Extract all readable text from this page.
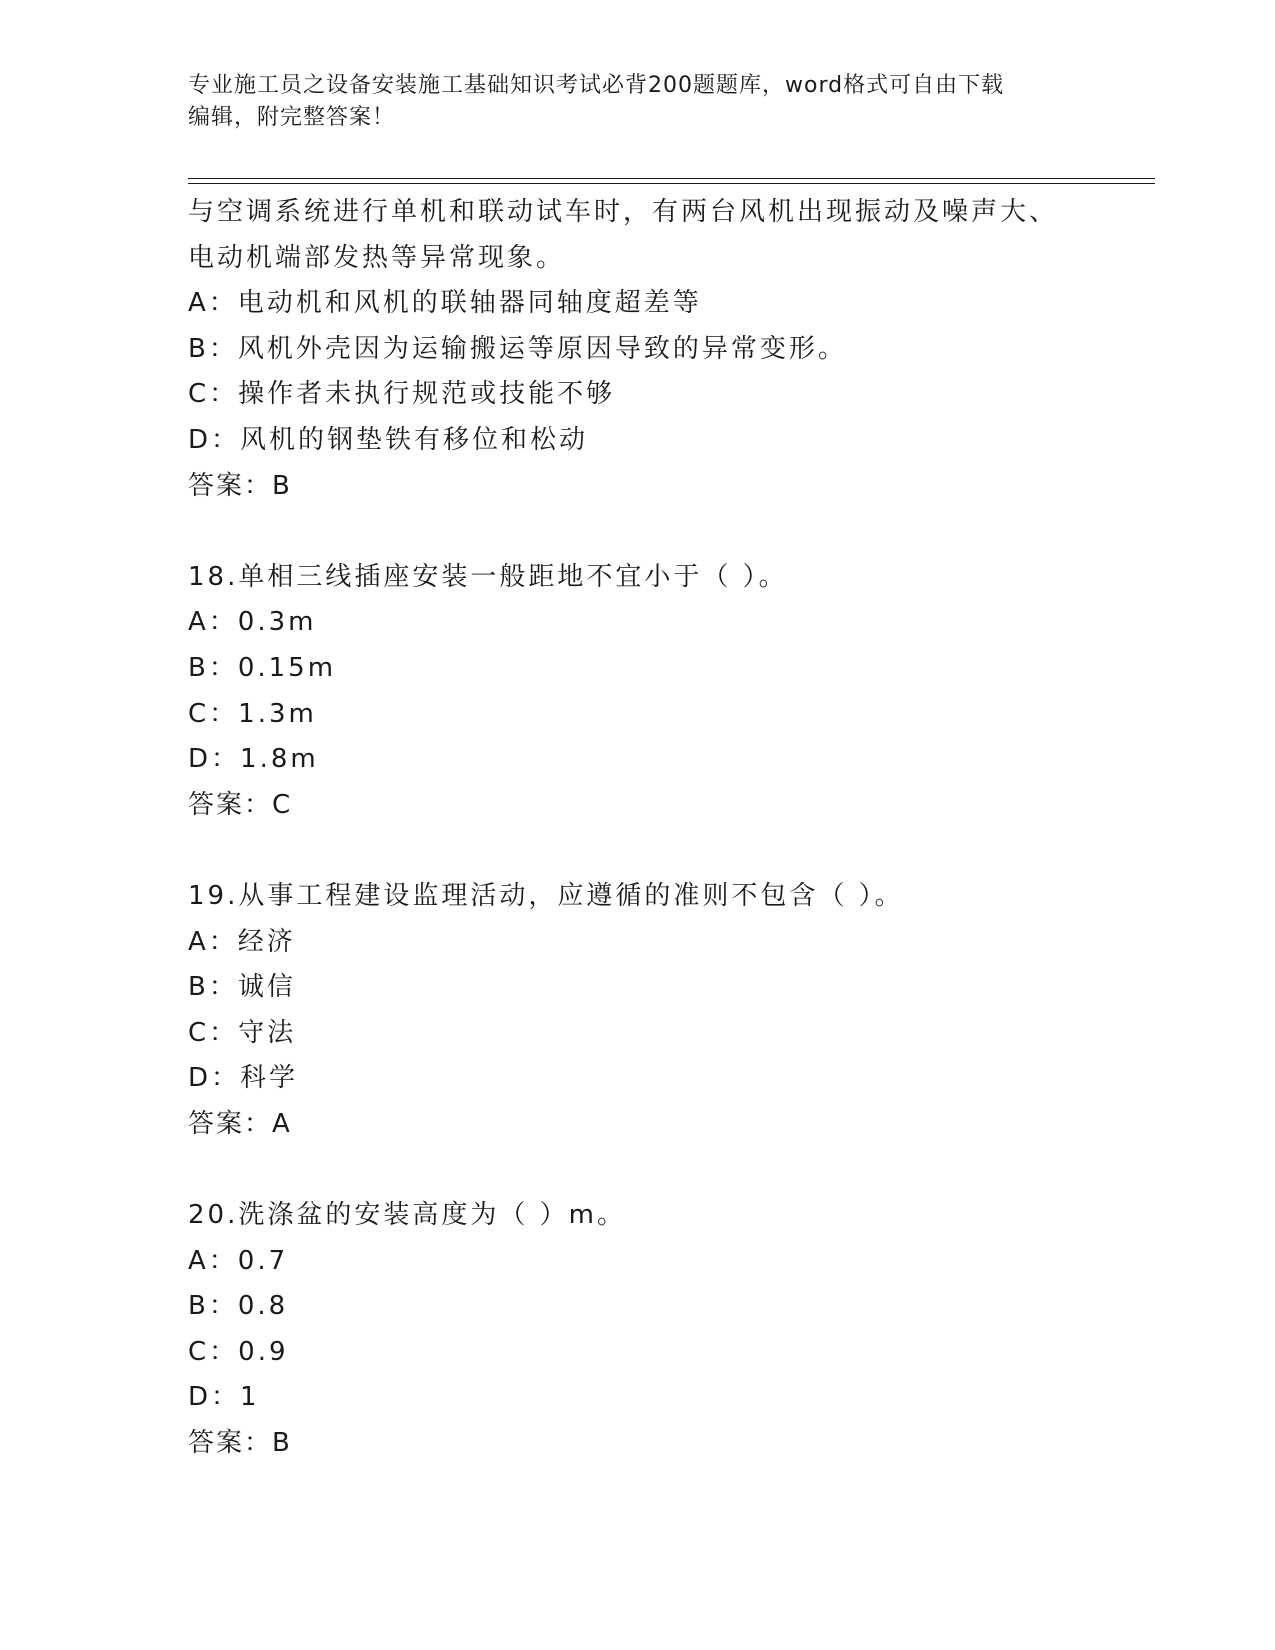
专业施工员之设备安装施工基础知识考试必背200题题库，word格式可自由下载
编辑，附完整答案！
与空调系统进行单机和联动试车时，有两台风机出现振动及噪声大、
电动机端部发热等异常现象。
A：电动机和风机的联轴器同轴度超差等
B：风机外壳因为运输搬运等原因导致的异常变形。
C：操作者未执行规范或技能不够
D：风机的钢垫铁有移位和松动
答案：B
18.单相三线插座安装一般距地不宜小于（ ）。
A：0.3m
B：0.15m
C：1.3m
D：1.8m
答案：C
19.从事工程建设监理活动，应遵循的准则不包含（ ）。
A：经济
B：诚信
C：守法
D：科学
答案：A
20.洗涤盆的安装高度为（ ）m。
A：0.7
B：0.8
C：0.9
D：1
答案：B
